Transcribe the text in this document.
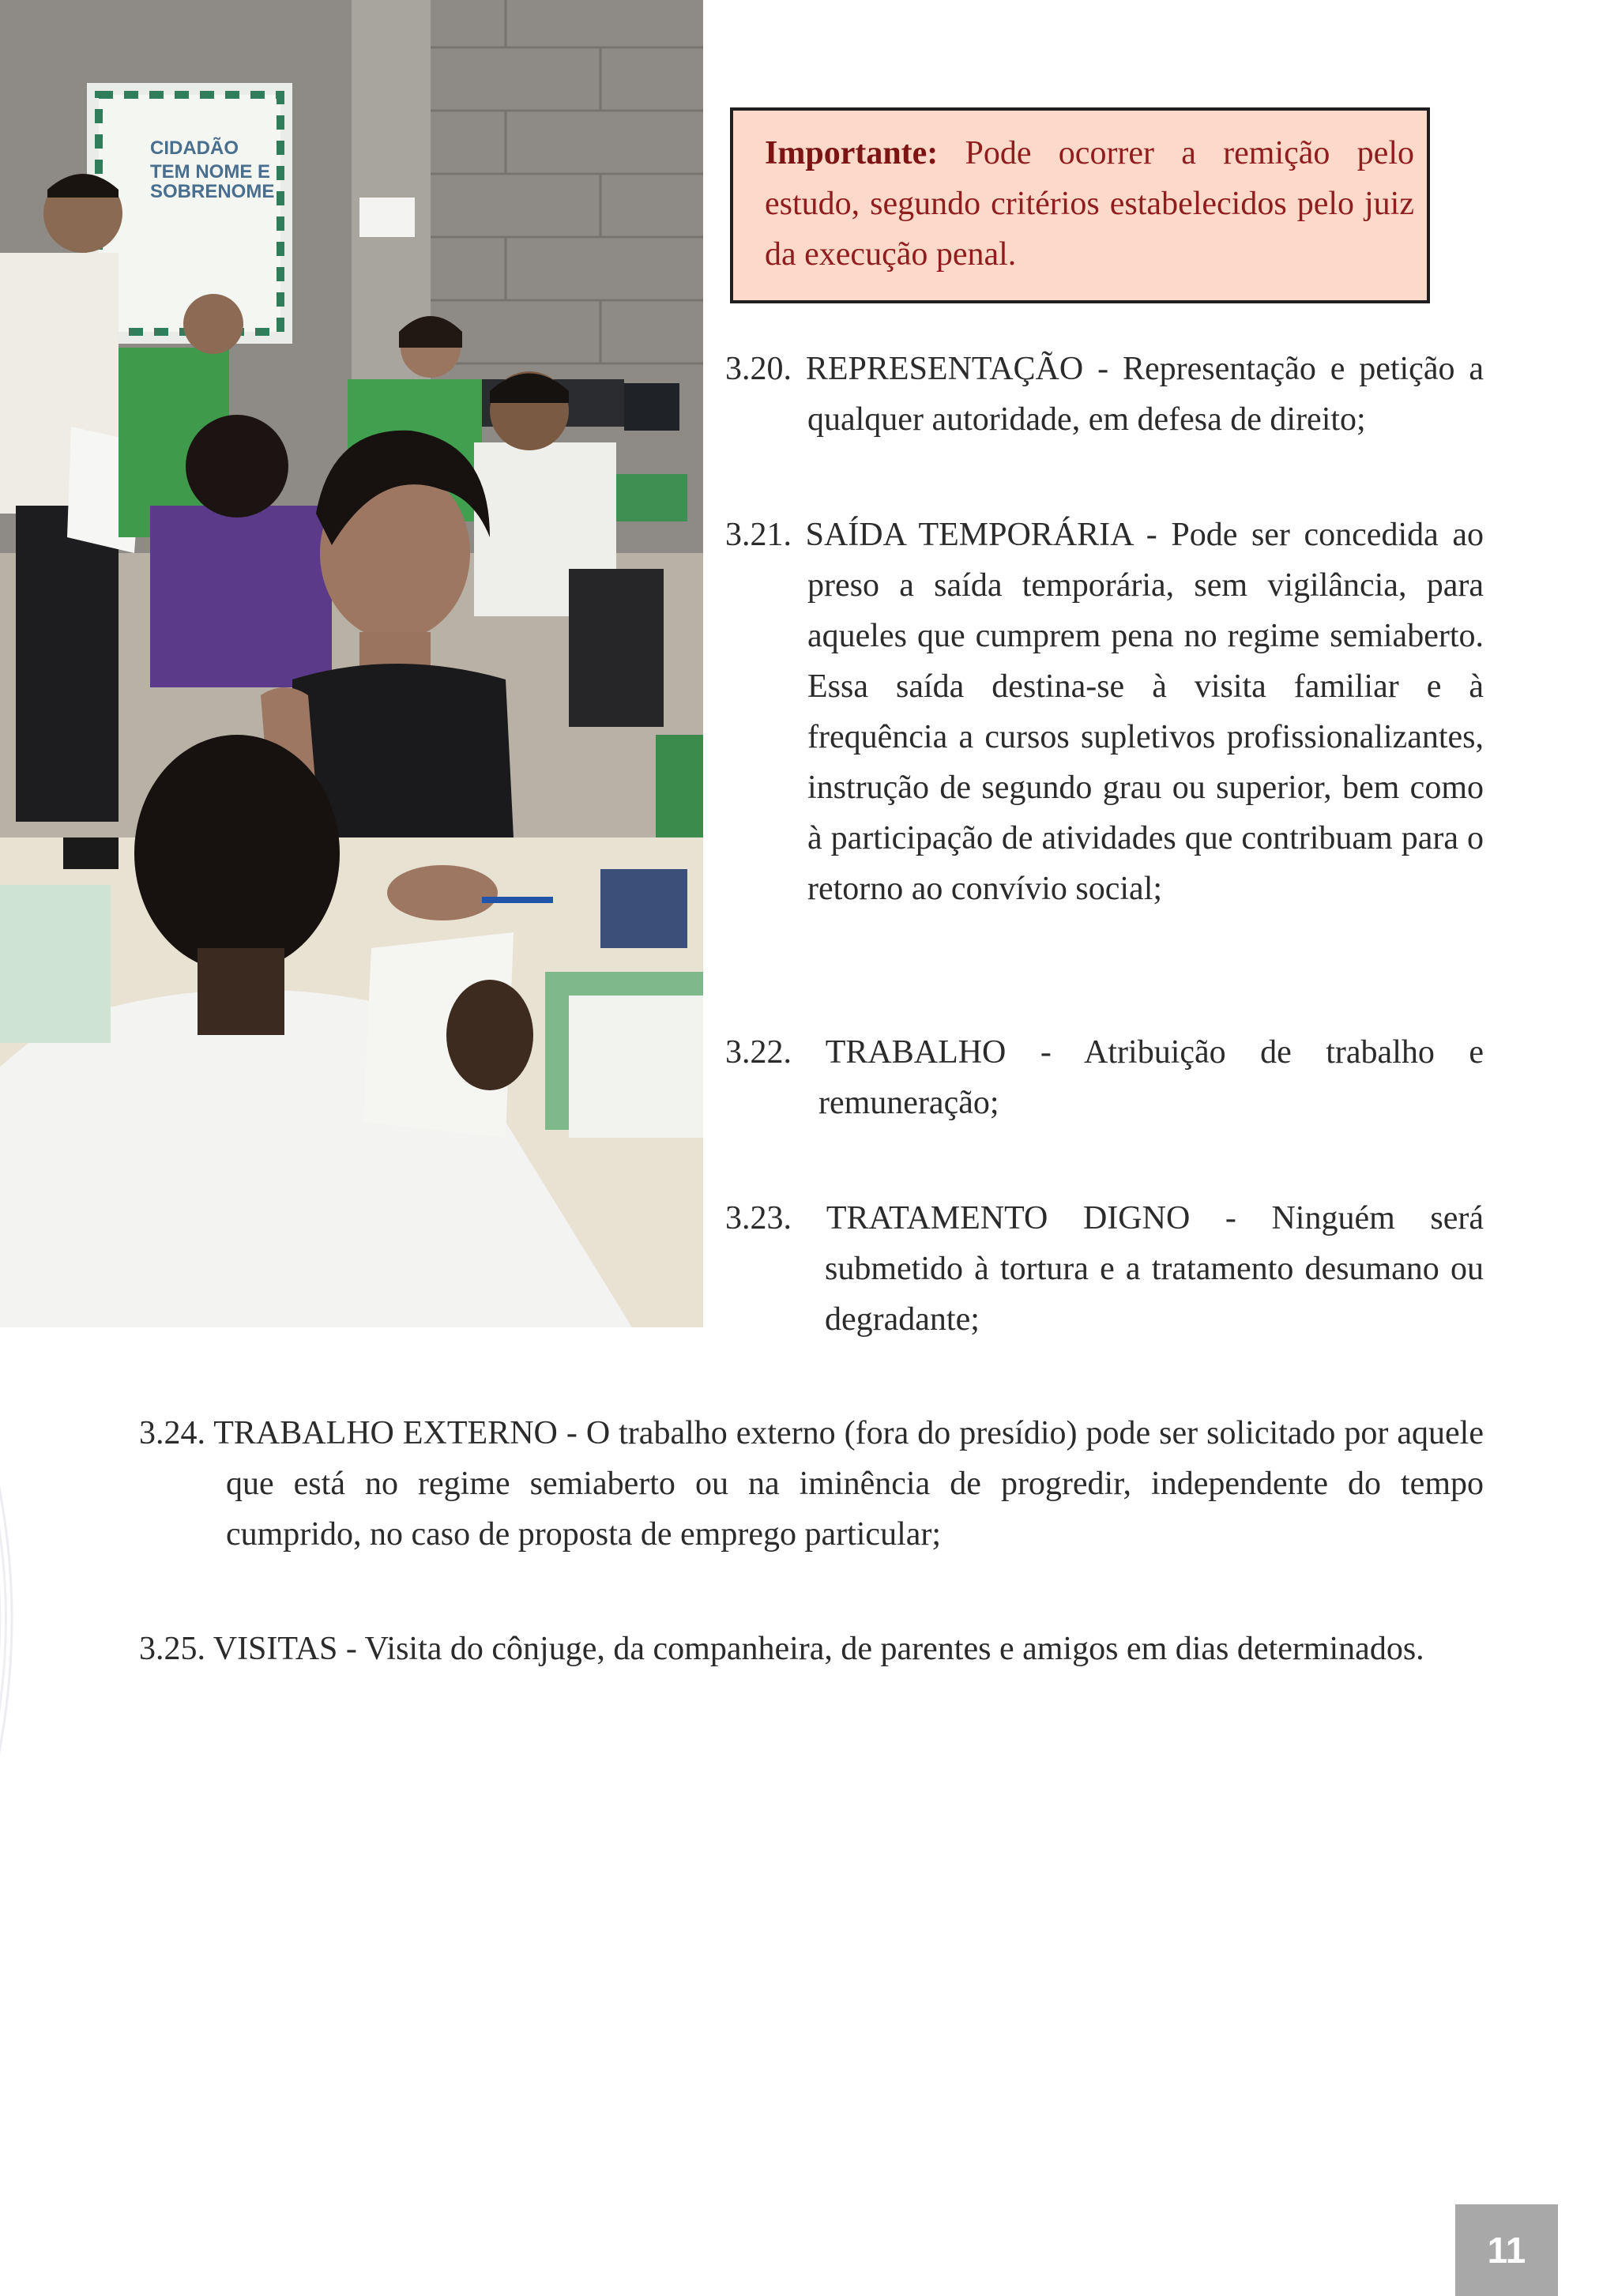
CIDADÃO
TEM NOME E
SOBRENOME
Importante: Pode ocorrer a remição pelo estudo, segundo critérios estabelecidos pelo juiz da execução penal.
3.20. REPRESENTAÇÃO - Representação e petição a qualquer autoridade, em defesa de direito;
3.21. SAÍDA TEMPORÁRIA - Pode ser concedida ao preso a saída temporária, sem vigilância, para aqueles que cumprem pena no regime semiaberto. Essa saída destina-se à visita familiar e à frequência a cursos supletivos profissionalizantes, instrução de segundo grau ou superior, bem como à participação de atividades que contribuam para o retorno ao convívio social;
3.22. TRABALHO - Atribuição de trabalho e remuneração;
3.23. TRATAMENTO DIGNO - Ninguém será submetido à tortura e a tratamento desumano ou degradante;
3.24. TRABALHO EXTERNO - O trabalho externo (fora do presídio) pode ser solicitado por aquele que está no regime semiaberto ou na iminência de progredir, independente do tempo cumprido, no caso de proposta de emprego particular;
3.25. VISITAS - Visita do cônjuge, da companheira, de parentes e amigos em dias determinados.
11
